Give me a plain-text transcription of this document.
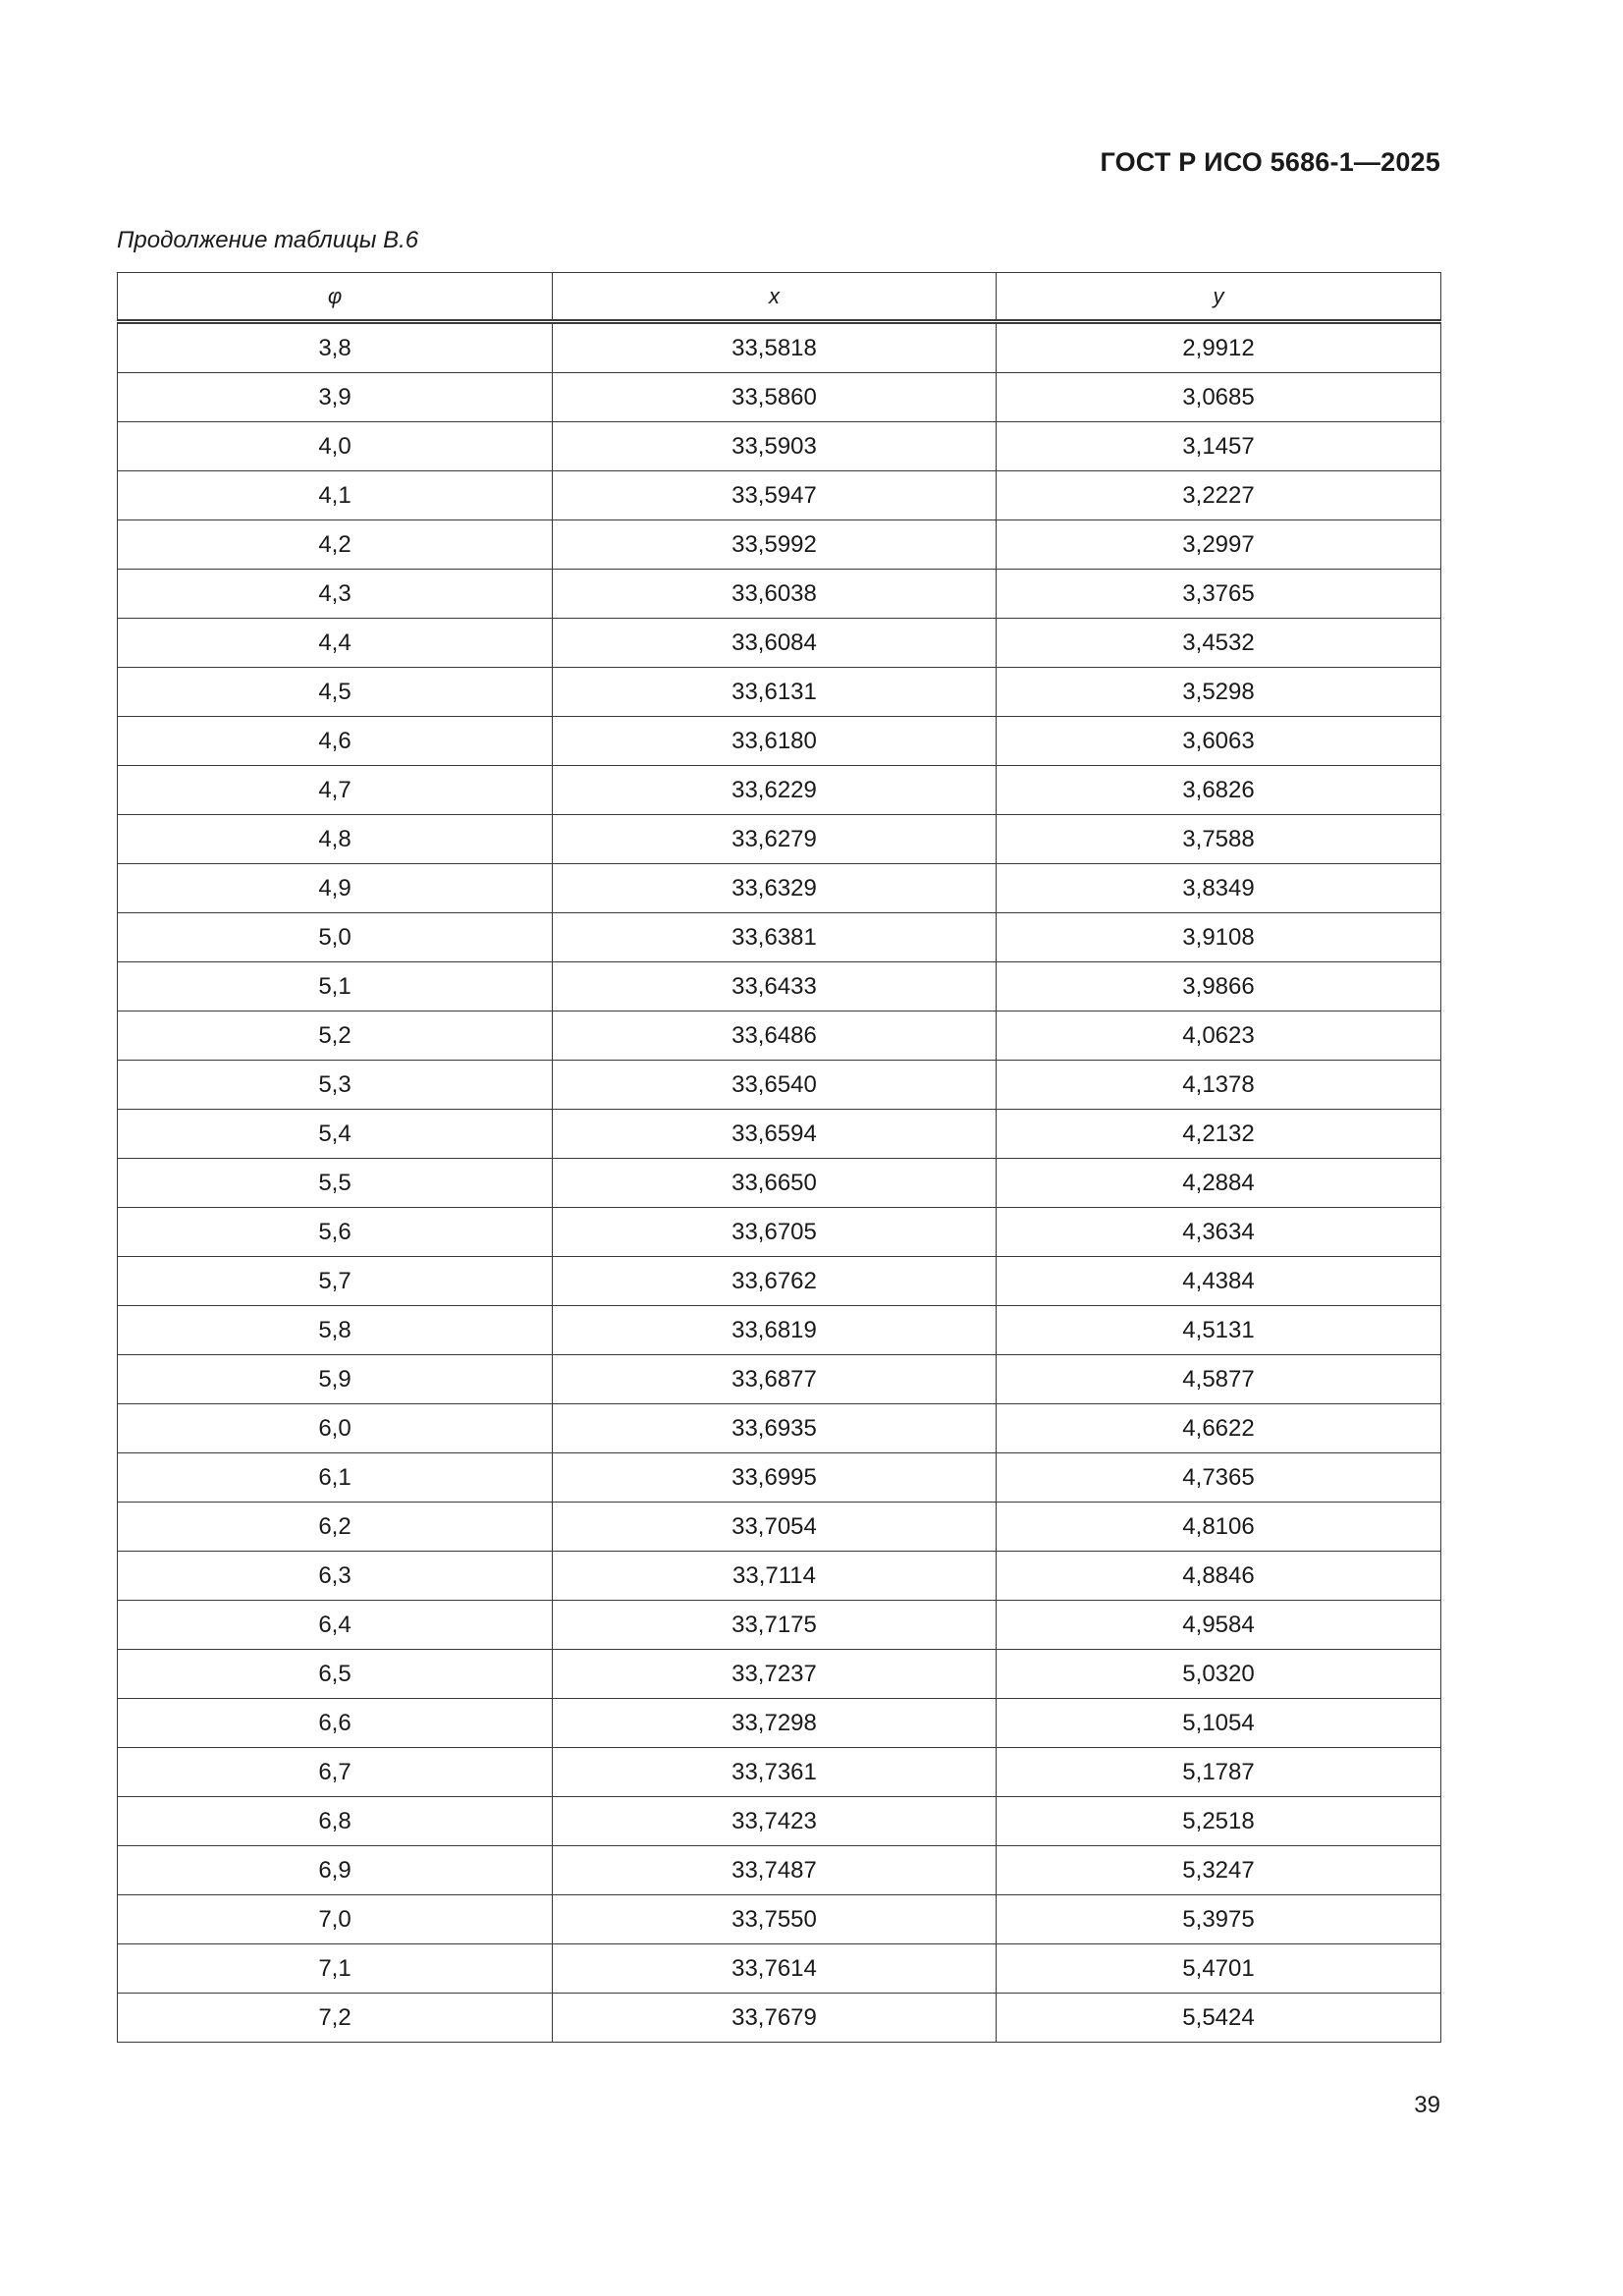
ГОСТ Р ИСО 5686-1—2025
Продолжение таблицы В.6
φ	x	y
3,8	33,5818	2,9912
3,9	33,5860	3,0685
4,0	33,5903	3,1457
4,1	33,5947	3,2227
4,2	33,5992	3,2997
4,3	33,6038	3,3765
4,4	33,6084	3,4532
4,5	33,6131	3,5298
4,6	33,6180	3,6063
4,7	33,6229	3,6826
4,8	33,6279	3,7588
4,9	33,6329	3,8349
5,0	33,6381	3,9108
5,1	33,6433	3,9866
5,2	33,6486	4,0623
5,3	33,6540	4,1378
5,4	33,6594	4,2132
5,5	33,6650	4,2884
5,6	33,6705	4,3634
5,7	33,6762	4,4384
5,8	33,6819	4,5131
5,9	33,6877	4,5877
6,0	33,6935	4,6622
6,1	33,6995	4,7365
6,2	33,7054	4,8106
6,3	33,7114	4,8846
6,4	33,7175	4,9584
6,5	33,7237	5,0320
6,6	33,7298	5,1054
6,7	33,7361	5,1787
6,8	33,7423	5,2518
6,9	33,7487	5,3247
7,0	33,7550	5,3975
7,1	33,7614	5,4701
7,2	33,7679	5,5424
39
